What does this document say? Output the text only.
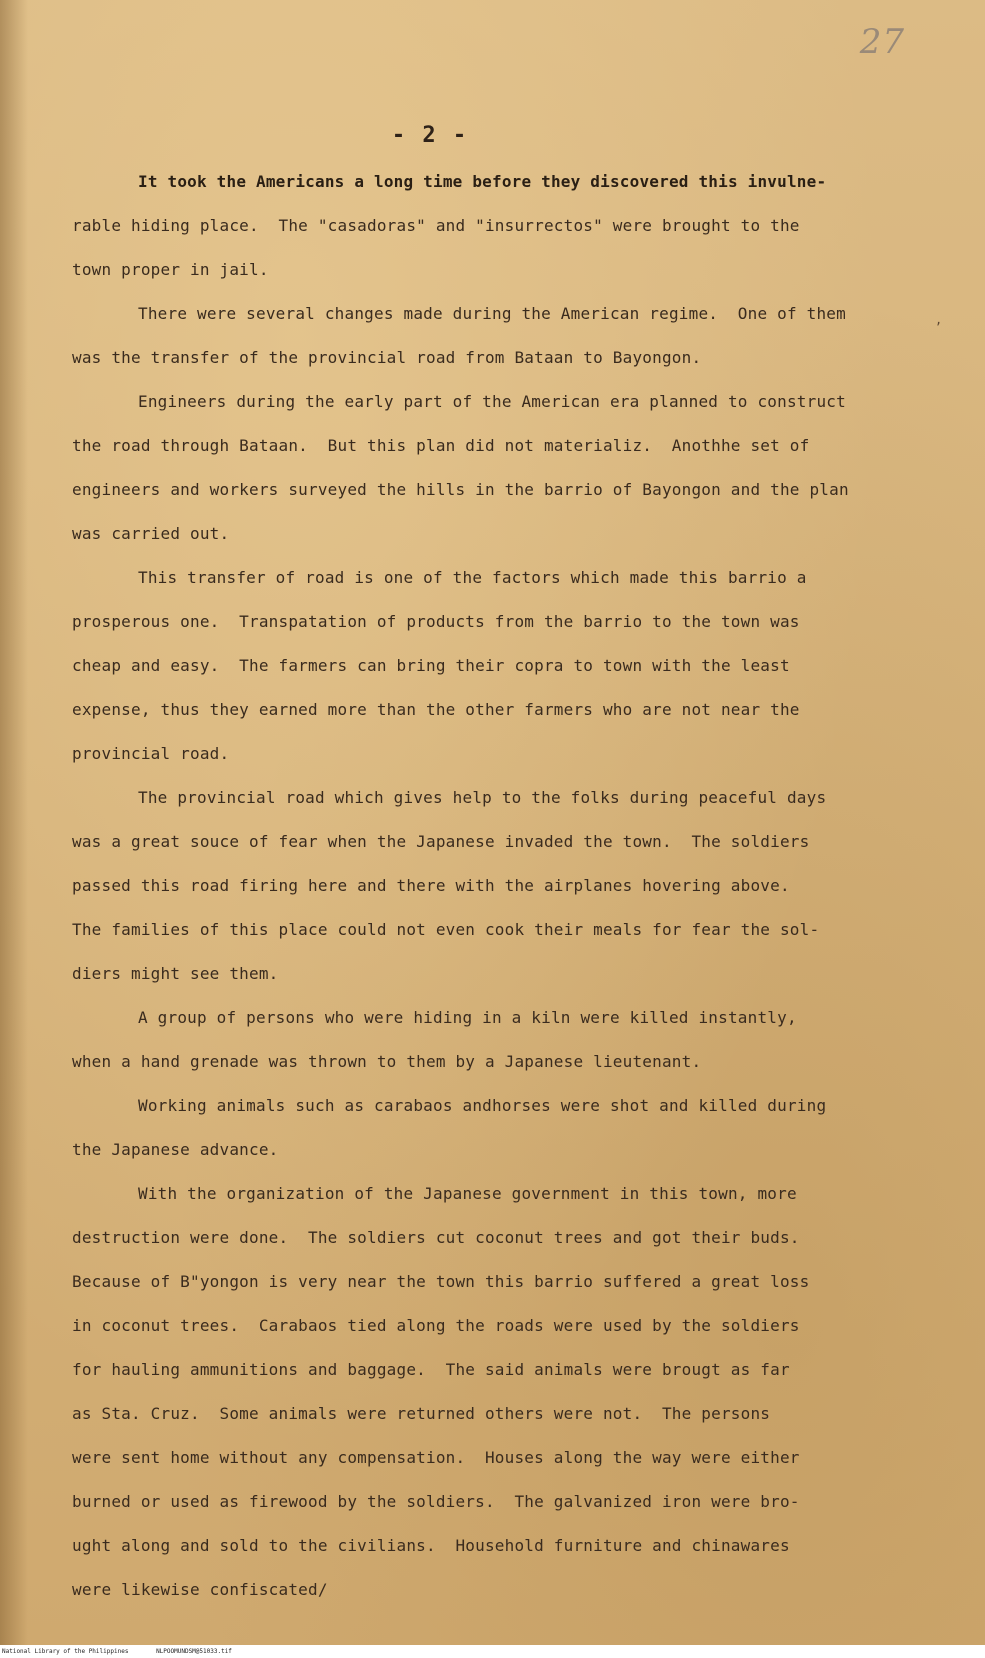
27
- 2 -
,
It took the Americans a long time before they discovered this invulne-
rable hiding place.  The "casadoras" and "insurrectos" were brought to the
town proper in jail.
There were several changes made during the American regime.  One of them
was the transfer of the provincial road from Bataan to Bayongon.
Engineers during the early part of the American era planned to construct
the road through Bataan.  But this plan did not materializ.  Anothhe set of
engineers and workers surveyed the hills in the barrio of Bayongon and the plan
was carried out.
This transfer of road is one of the factors which made this barrio a
prosperous one.  Transpatation of products from the barrio to the town was
cheap and easy.  The farmers can bring their copra to town with the least
expense, thus they earned more than the other farmers who are not near the
provincial road.
The provincial road which gives help to the folks during peaceful days
was a great souce of fear when the Japanese invaded the town.  The soldiers
passed this road firing here and there with the airplanes hovering above.
The families of this place could not even cook their meals for fear the sol-
diers might see them.
A group of persons who were hiding in a kiln were killed instantly,
when a hand grenade was thrown to them by a Japanese lieutenant.
Working animals such as carabaos andhorses were shot and killed during
the Japanese advance.
With the organization of the Japanese government in this town, more
destruction were done.  The soldiers cut coconut trees and got their buds.
Because of B"yongon is very near the town this barrio suffered a great loss
in coconut trees.  Carabaos tied along the roads were used by the soldiers
for hauling ammunitions and baggage.  The said animals were brougt as far
as Sta. Cruz.  Some animals were returned others were not.  The persons
were sent home without any compensation.  Houses along the way were either
burned or used as firewood by the soldiers.  The galvanized iron were bro-
ught along and sold to the civilians.  Household furniture and chinawares
were likewise confiscated/
National Library of the Philippines	NLPOOMUNDSM@51033.tif
